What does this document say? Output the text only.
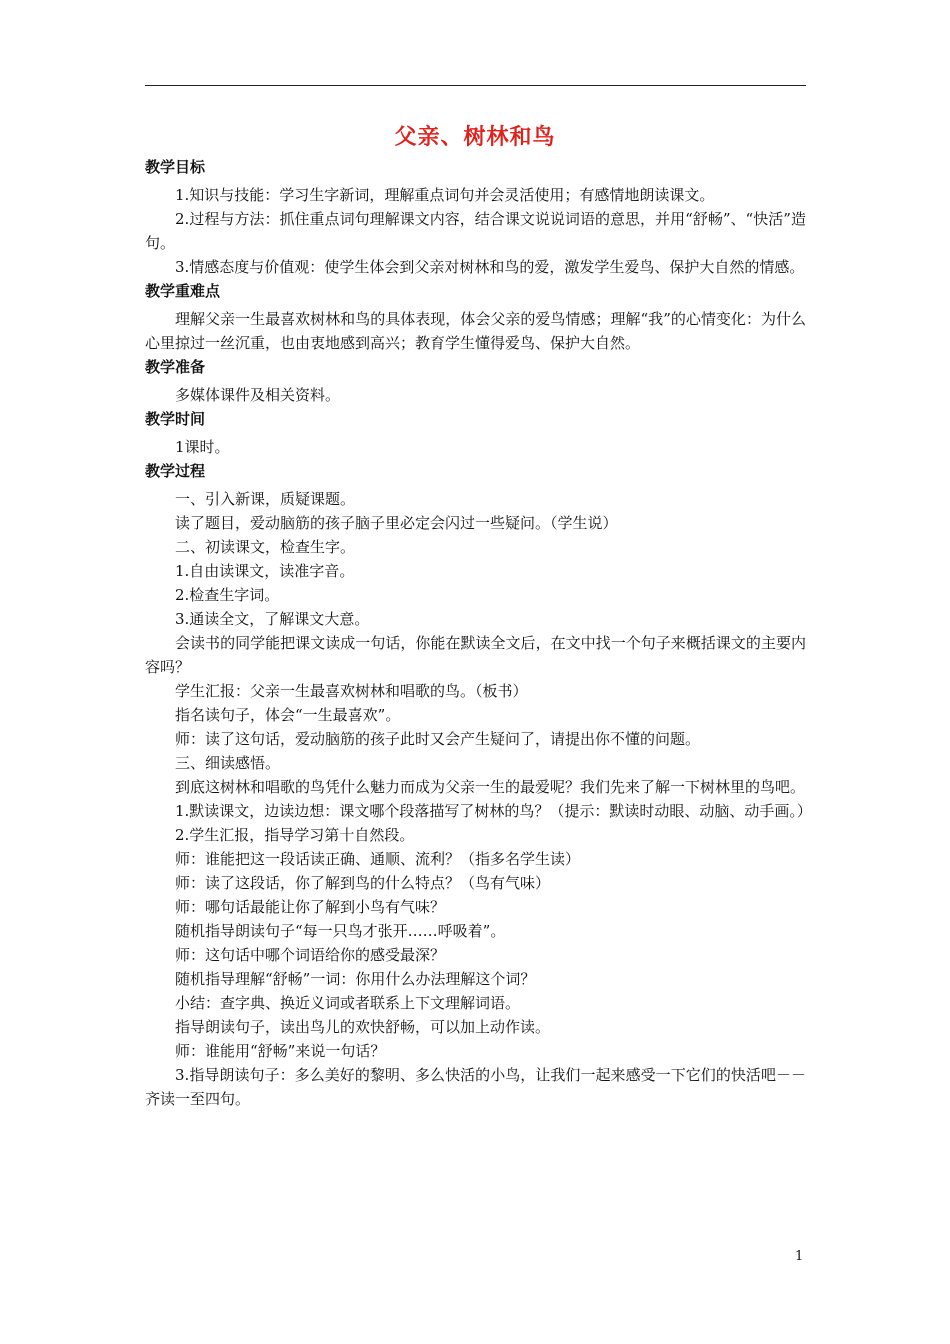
父亲、树林和鸟
教学目标

1.知识与技能：学习生字新词，理解重点词句并会灵活使用；有感情地朗读课文。

2.过程与方法：抓住重点词句理解课文内容，结合课文说说词语的意思，并用“舒畅”、“快活”造句。

3.情感态度与价值观：使学生体会到父亲对树林和鸟的爱，激发学生爱鸟、保护大自然的情感。

教学重难点

理解父亲一生最喜欢树林和鸟的具体表现，体会父亲的爱鸟情感；理解“我”的心情变化：为什么心里掠过一丝沉重，也由衷地感到高兴；教育学生懂得爱鸟、保护大自然。

教学准备

多媒体课件及相关资料。

教学时间

1课时。

教学过程

一、引入新课，质疑课题。

读了题目，爱动脑筋的孩子脑子里必定会闪过一些疑问。（学生说）

二、初读课文，检查生字。

1.自由读课文，读准字音。

2.检查生字词。

3.通读全文，了解课文大意。

会读书的同学能把课文读成一句话，你能在默读全文后，在文中找一个句子来概括课文的主要内容吗？

学生汇报：父亲一生最喜欢树林和唱歌的鸟。（板书）

指名读句子，体会“一生最喜欢”。

师：读了这句话，爱动脑筋的孩子此时又会产生疑问了，请提出你不懂的问题。

三、细读感悟。

到底这树林和唱歌的鸟凭什么魅力而成为父亲一生的最爱呢？我们先来了解一下树林里的鸟吧。

1.默读课文，边读边想：课文哪个段落描写了树林的鸟？（提示：默读时动眼、动脑、动手画。）

2.学生汇报，指导学习第十自然段。

师：谁能把这一段话读正确、通顺、流利？（指多名学生读）

师：读了这段话，你了解到鸟的什么特点？（鸟有气味）

师：哪句话最能让你了解到小鸟有气味？

随机指导朗读句子“每一只鸟才张开……呼吸着”。

师：这句话中哪个词语给你的感受最深？

随机指导理解“舒畅”一词：你用什么办法理解这个词？

小结：查字典、换近义词或者联系上下文理解词语。

指导朗读句子，读出鸟儿的欢快舒畅，可以加上动作读。

师：谁能用“舒畅”来说一句话？

3.指导朗读句子：多么美好的黎明、多么快活的小鸟，让我们一起来感受一下它们的快活吧－－齐读一至四句。

1
